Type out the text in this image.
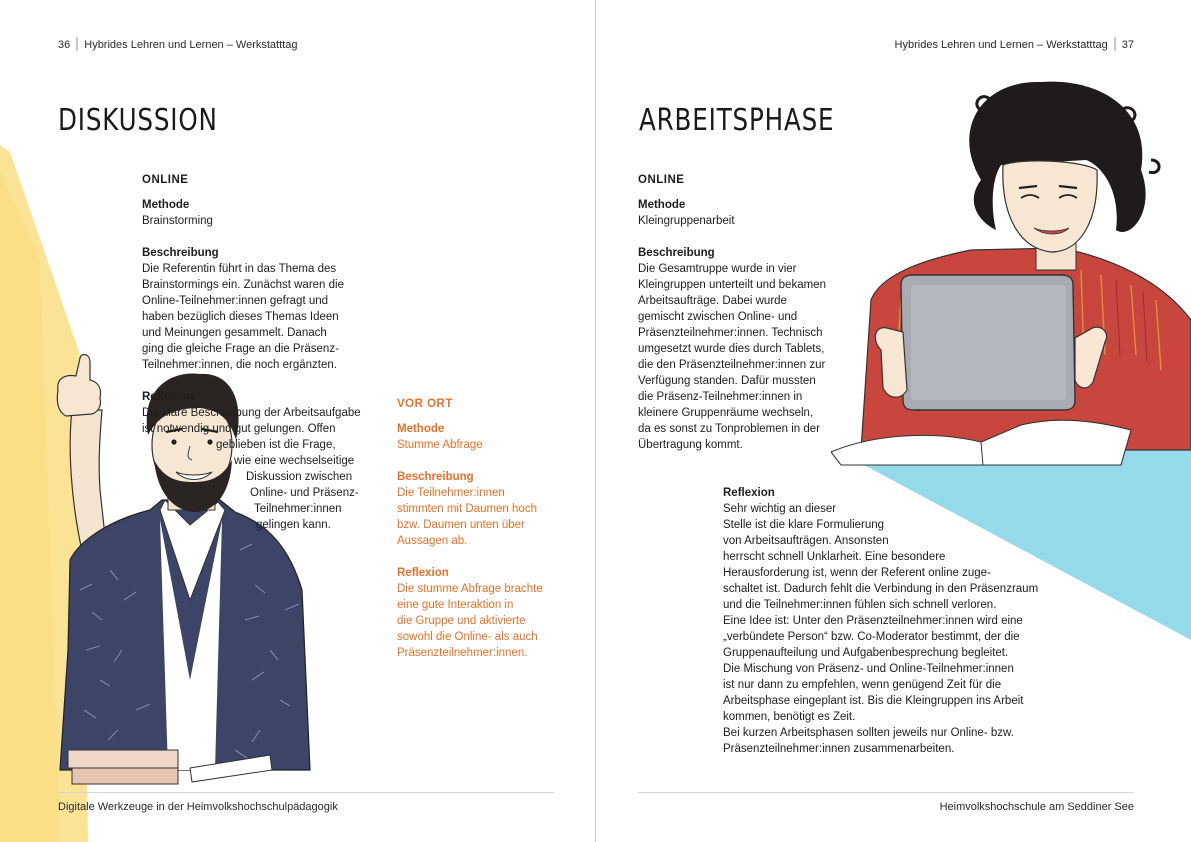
36 Hybrides Lehren und Lernen – Werkstatttag
DISKUSSION
ONLINE
Methode
Brainstorming
Beschreibung
Die Referentin führt in das Thema des
Brainstormings ein. Zunächst waren die
Online-Teilnehmer:innen gefragt und
haben bezüglich dieses Themas Ideen
und Meinungen gesammelt. Danach
ging die gleiche Frage an die Präsenz-
Teilnehmer:innen, die noch ergänzten.
Reflexion
Die klare Beschreibung der Arbeitsaufgabe
ist notwendig und gut gelungen. Offen
geblieben ist die Frage,
wie eine wechselseitige
Diskussion zwischen
Online- und Präsenz-
Teilnehmer:innen
gelingen kann.
VOR ORT
Methode
Stumme Abfrage
Beschreibung
Die Teilnehmer:innen
stimmten mit Daumen hoch
bzw. Daumen unten über
Aussagen ab.
Reflexion
Die stumme Abfrage brachte
eine gute Interaktion in
die Gruppe und aktivierte
sowohl die Online- als auch
Präsenzteilnehmer:innen.
Digitale Werkzeuge in der Heimvolkshochschulpädagogik
Hybrides Lehren und Lernen – Werkstatttag 37
ARBEITSPHASE
ONLINE
Methode
Kleingruppenarbeit
Beschreibung
Die Gesamtruppe wurde in vier
Kleingruppen unterteilt und bekamen
Arbeitsaufträge. Dabei wurde
gemischt zwischen Online- und
Präsenzteilnehmer:innen. Technisch
umgesetzt wurde dies durch Tablets,
die den Präsenzteilnehmer:innen zur
Verfügung standen. Dafür mussten
die Präsenz-Teilnehmer:innen in
kleinere Gruppenräume wechseln,
da es sonst zu Tonproblemen in der
Übertragung kommt.
Reflexion
Sehr wichtig an dieser
Stelle ist die klare Formulierung
von Arbeitsaufträgen. Ansonsten
herrscht schnell Unklarheit. Eine besondere
Herausforderung ist, wenn der Referent online zuge-
schaltet ist. Dadurch fehlt die Verbindung in den Präsenzraum
und die Teilnehmer:innen fühlen sich schnell verloren.
Eine Idee ist: Unter den Präsenzteilnehmer:innen wird eine
„verbündete Person“ bzw. Co-Moderator bestimmt, der die
Gruppenaufteilung und Aufgabenbesprechung begleitet.
Die Mischung von Präsenz- und Online-Teilnehmer:innen
ist nur dann zu empfehlen, wenn genügend Zeit für die
Arbeitsphase eingeplant ist. Bis die Kleingruppen ins Arbeit
kommen, benötigt es Zeit.
Bei kurzen Arbeitsphasen sollten jeweils nur Online- bzw.
Präsenzteilnehmer:innen zusammenarbeiten.
Heimvolkshochschule am Seddiner See
